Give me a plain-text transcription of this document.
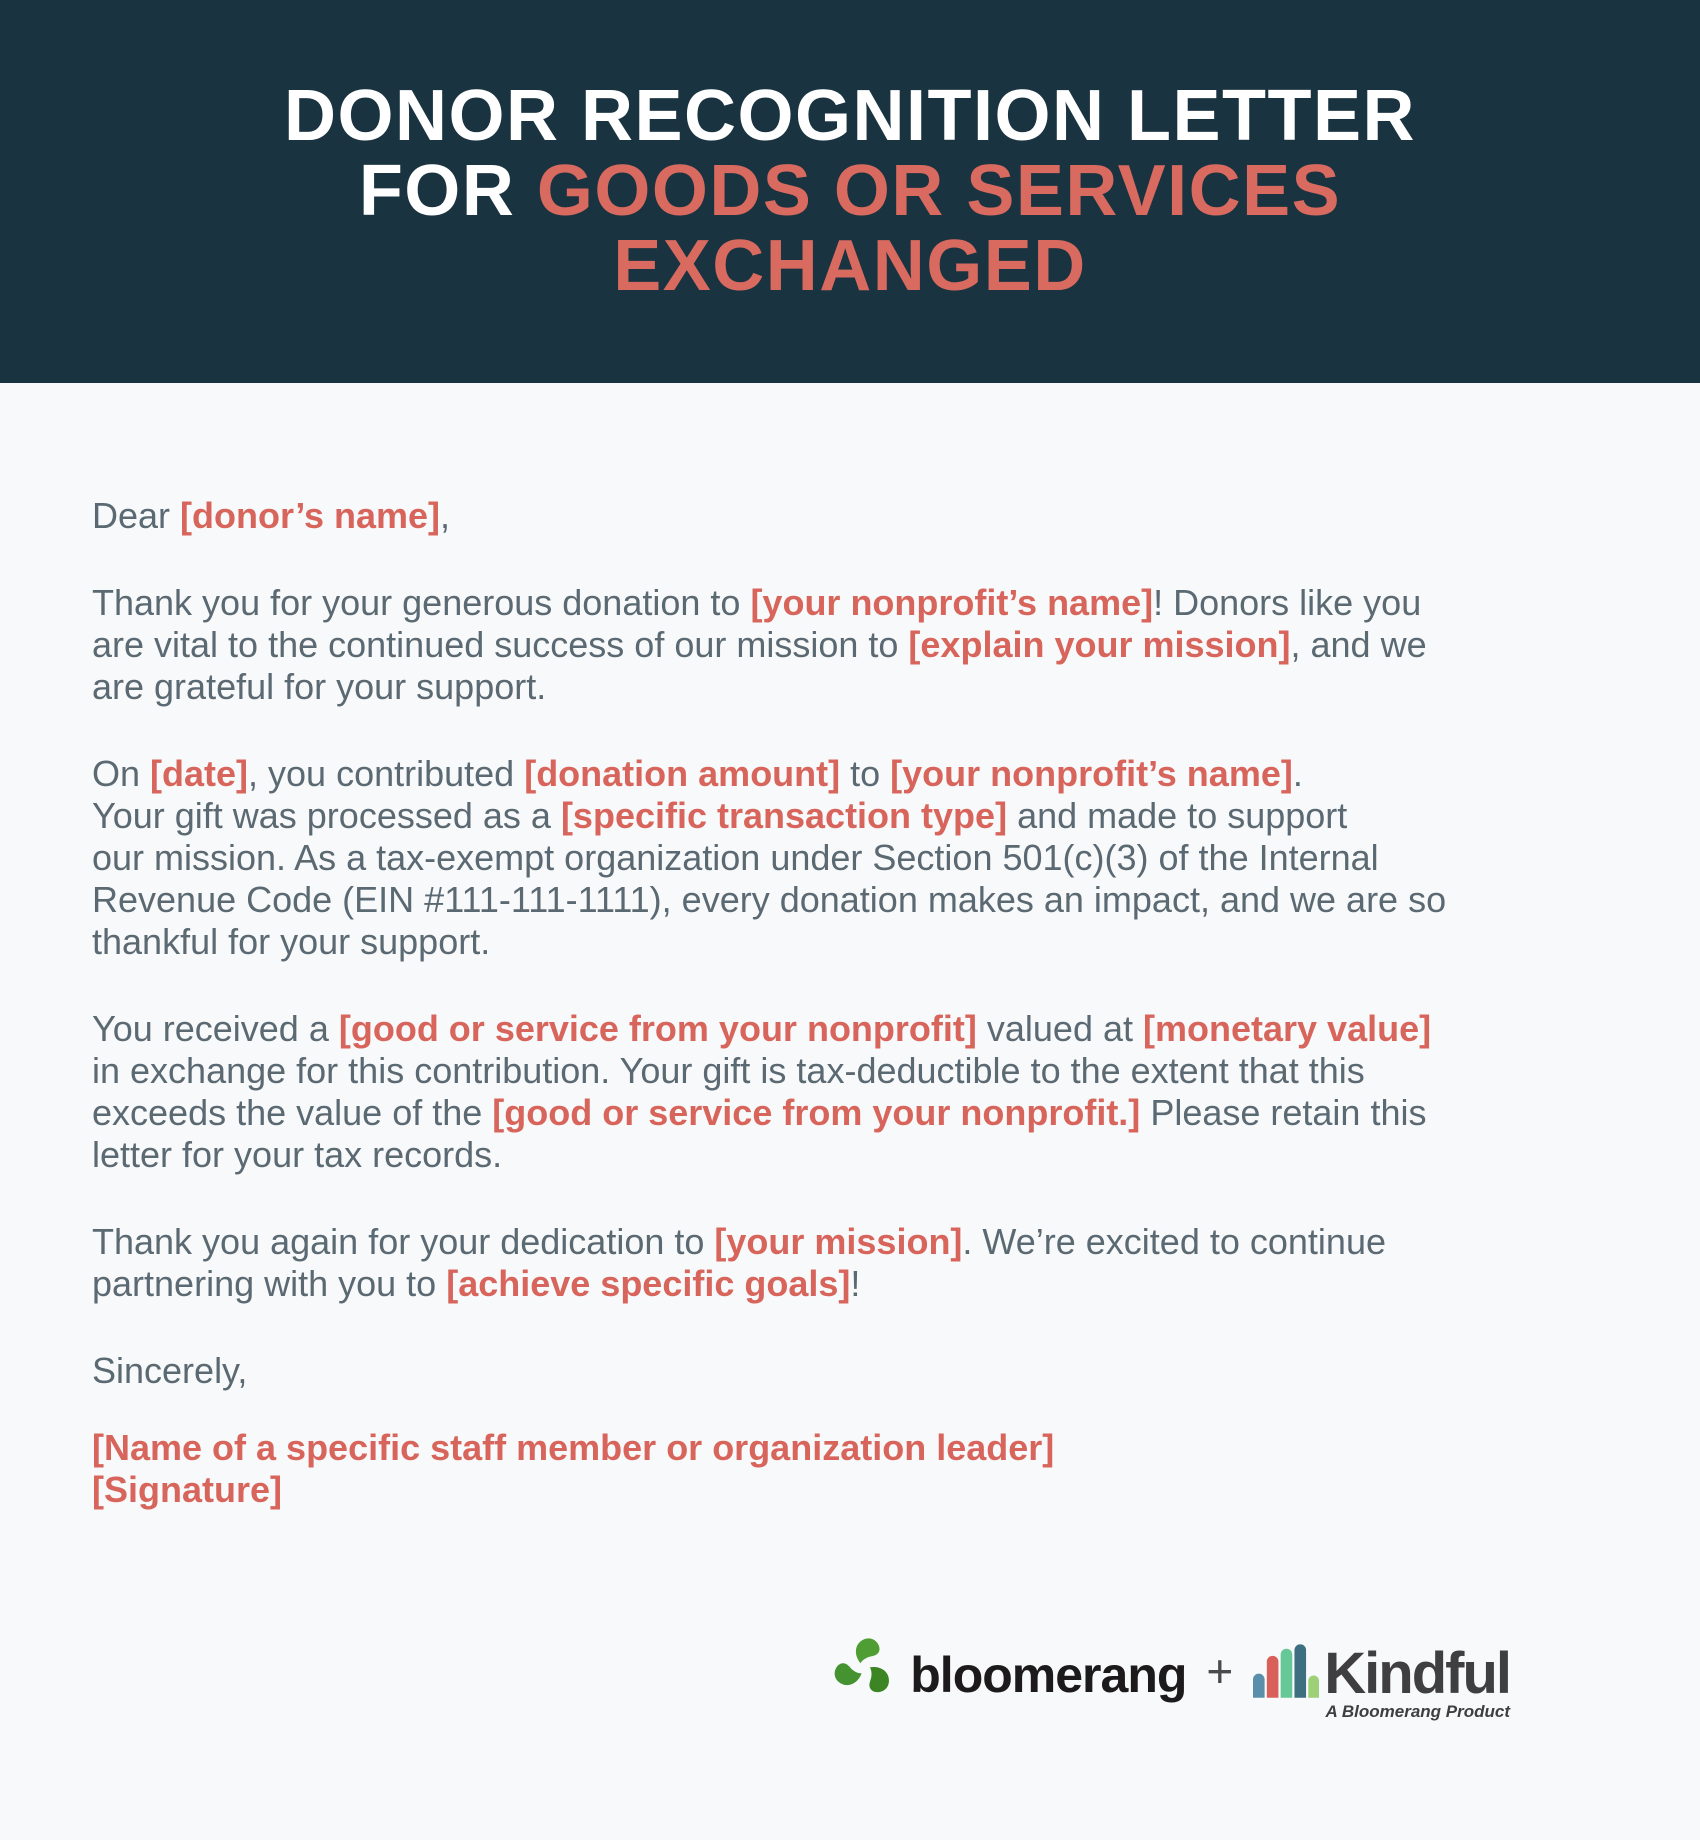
DONOR RECOGNITION LETTER
FOR GOODS OR SERVICES
EXCHANGED
Dear [donor’s name],
Thank you for your generous donation to [your nonprofit’s name]! Donors like you
are vital to the continued success of our mission to [explain your mission], and we
are grateful for your support.
On [date], you contributed [donation amount] to [your nonprofit’s name].
Your gift was processed as a [specific transaction type] and made to support
our mission. As a tax-exempt organization under Section 501(c)(3) of the Internal
Revenue Code (EIN #111-111-1111), every donation makes an impact, and we are so
thankful for your support.
You received a [good or service from your nonprofit] valued at [monetary value]
in exchange for this contribution. Your gift is tax-deductible to the extent that this
exceeds the value of the [good or service from your nonprofit.] Please retain this
letter for your tax records.
Thank you again for your dedication to [your mission]. We’re excited to continue
partnering with you to [achieve specific goals]!
Sincerely,
[Name of a specific staff member or organization leader]
[Signature]
bloomerang + Kindful
A Bloomerang Product
